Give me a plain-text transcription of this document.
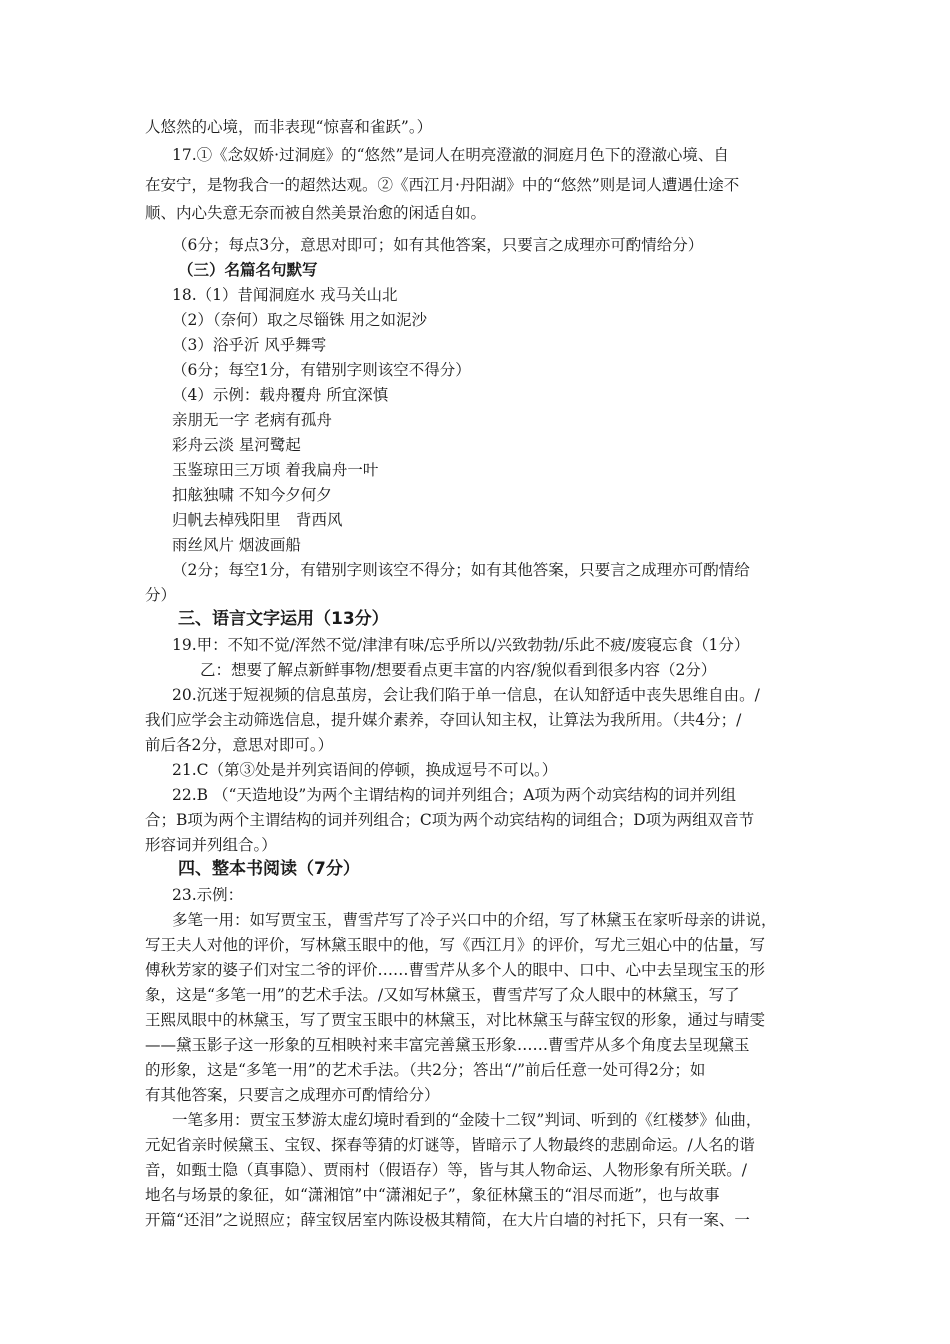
人悠然的心境，而非表现“惊喜和雀跃”。）
17.①《念奴娇·过洞庭》的“悠然”是词人在明亮澄澈的洞庭月色下的澄澈心境、自
在安宁，是物我合一的超然达观。②《西江月·丹阳湖》中的“悠然”则是词人遭遇仕途不
顺、内心失意无奈而被自然美景治愈的闲适自如。
（6分；每点3分，意思对即可；如有其他答案，只要言之成理亦可酌情给分）
（三）名篇名句默写
18.（1）昔闻洞庭水 戎马关山北
（2）（奈何）取之尽锱铢 用之如泥沙
（3）浴乎沂 风乎舞雩
（6分；每空1分，有错别字则该空不得分）
（4）示例：载舟覆舟 所宜深慎
亲朋无一字 老病有孤舟
彩舟云淡 星河鹭起
玉鉴琼田三万顷 着我扁舟一叶
扣舷独啸 不知今夕何夕
归帆去棹残阳里　背西风
雨丝风片 烟波画船
（2分；每空1分，有错别字则该空不得分；如有其他答案，只要言之成理亦可酌情给
分）
三、语言文字运用（13分）
19.甲：不知不觉/浑然不觉/津津有味/忘乎所以/兴致勃勃/乐此不疲/废寝忘食（1分）
乙：想要了解点新鲜事物/想要看点更丰富的内容/貌似看到很多内容（2分）
20.沉迷于短视频的信息茧房，会让我们陷于单一信息，在认知舒适中丧失思维自由。/
我们应学会主动筛选信息，提升媒介素养，夺回认知主权，让算法为我所用。（共4分；/
前后各2分，意思对即可。）
21.C（第③处是并列宾语间的停顿，换成逗号不可以。）
22.B （“天造地设”为两个主谓结构的词并列组合；A项为两个动宾结构的词并列组
合；B项为两个主谓结构的词并列组合；C项为两个动宾结构的词组合；D项为两组双音节
形容词并列组合。）
四、整本书阅读（7分）
23.示例：
多笔一用：如写贾宝玉，曹雪芹写了冷子兴口中的介绍，写了林黛玉在家听母亲的讲说，
写王夫人对他的评价，写林黛玉眼中的他，写《西江月》的评价，写尤三姐心中的估量，写
傅秋芳家的婆子们对宝二爷的评价……曹雪芹从多个人的眼中、口中、心中去呈现宝玉的形
象，这是“多笔一用”的艺术手法。/又如写林黛玉，曹雪芹写了众人眼中的林黛玉，写了
王熙凤眼中的林黛玉，写了贾宝玉眼中的林黛玉，对比林黛玉与薛宝钗的形象，通过与晴雯
——黛玉影子这一形象的互相映衬来丰富完善黛玉形象……曹雪芹从多个角度去呈现黛玉
的形象，这是“多笔一用”的艺术手法。（共2分；答出“/”前后任意一处可得2分；如
有其他答案，只要言之成理亦可酌情给分）
一笔多用：贾宝玉梦游太虚幻境时看到的“金陵十二钗”判词、听到的《红楼梦》仙曲，
元妃省亲时候黛玉、宝钗、探春等猜的灯谜等，皆暗示了人物最终的悲剧命运。/人名的谐
音，如甄士隐（真事隐）、贾雨村（假语存）等，皆与其人物命运、人物形象有所关联。/
地名与场景的象征，如“潇湘馆”中“潇湘妃子”，象征林黛玉的“泪尽而逝”，也与故事
开篇“还泪”之说照应；薛宝钗居室内陈设极其精简，在大片白墙的衬托下，只有一案、一
